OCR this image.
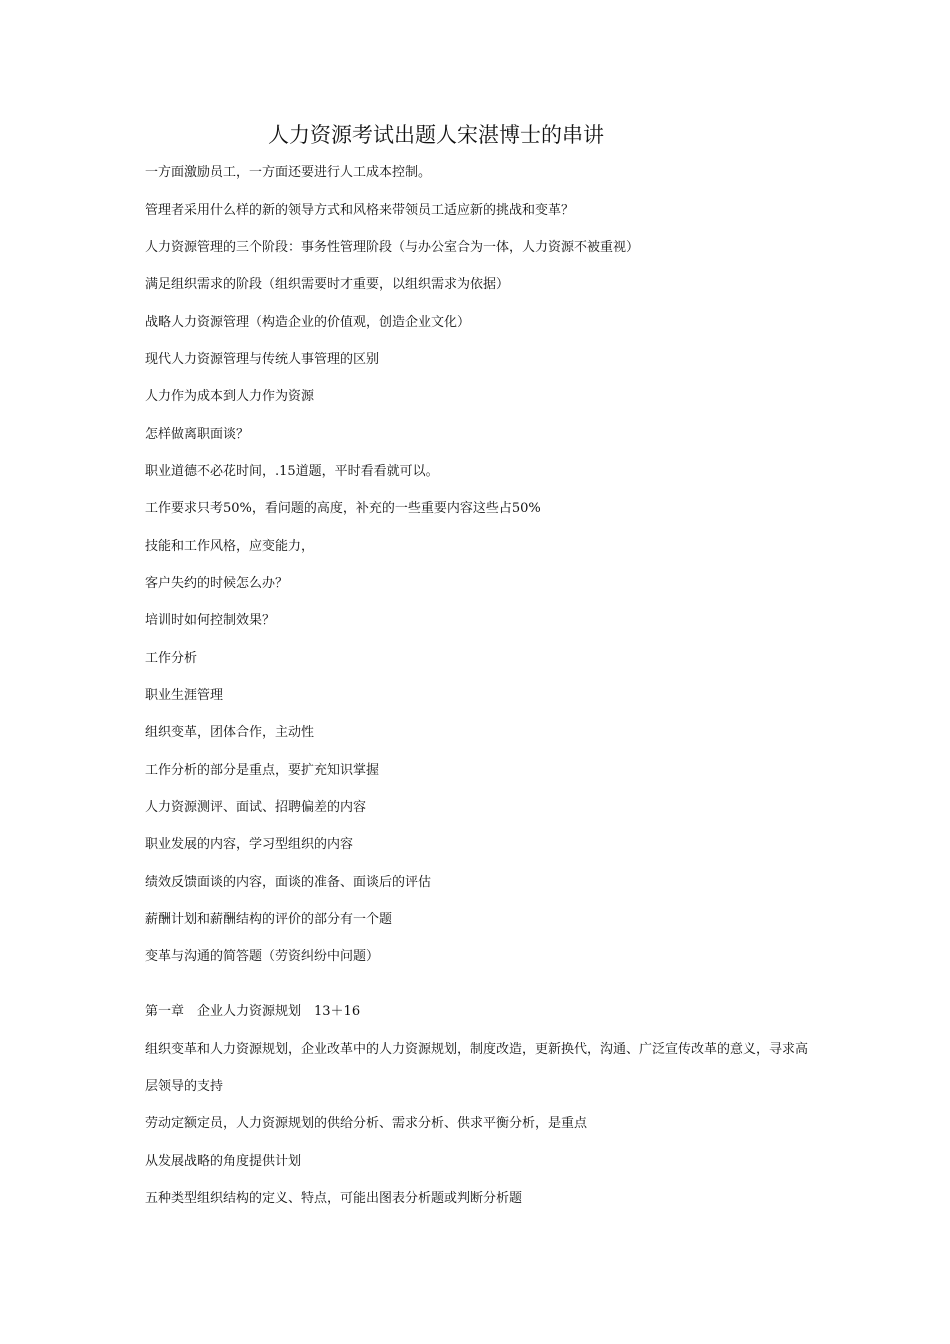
人力资源考试出题人宋湛博士的串讲
一方面激励员工，一方面还要进行人工成本控制。
管理者采用什么样的新的领导方式和风格来带领员工适应新的挑战和变革？
人力资源管理的三个阶段：事务性管理阶段（与办公室合为一体，人力资源不被重视）
满足组织需求的阶段（组织需要时才重要，以组织需求为依据）
战略人力资源管理（构造企业的价值观，创造企业文化）
现代人力资源管理与传统人事管理的区别
人力作为成本到人力作为资源
怎样做离职面谈？
职业道德不必花时间，.15道题，平时看看就可以。
工作要求只考50%，看问题的高度，补充的一些重要内容这些占50%
技能和工作风格，应变能力，
客户失约的时候怎么办？
培训时如何控制效果？
工作分析
职业生涯管理
组织变革，团体合作，主动性
工作分析的部分是重点，要扩充知识掌握
人力资源测评、面试、招聘偏差的内容
职业发展的内容，学习型组织的内容
绩效反馈面谈的内容，面谈的准备、面谈后的评估
薪酬计划和薪酬结构的评价的部分有一个题
变革与沟通的简答题（劳资纠纷中问题）
第一章　企业人力资源规划　13＋16
组织变革和人力资源规划，企业改革中的人力资源规划，制度改造，更新换代，沟通、广泛宣传改革的意义，寻求高层领导的支持
劳动定额定员，人力资源规划的供给分析、需求分析、供求平衡分析，是重点
从发展战略的角度提供计划
五种类型组织结构的定义、特点，可能出图表分析题或判断分析题
